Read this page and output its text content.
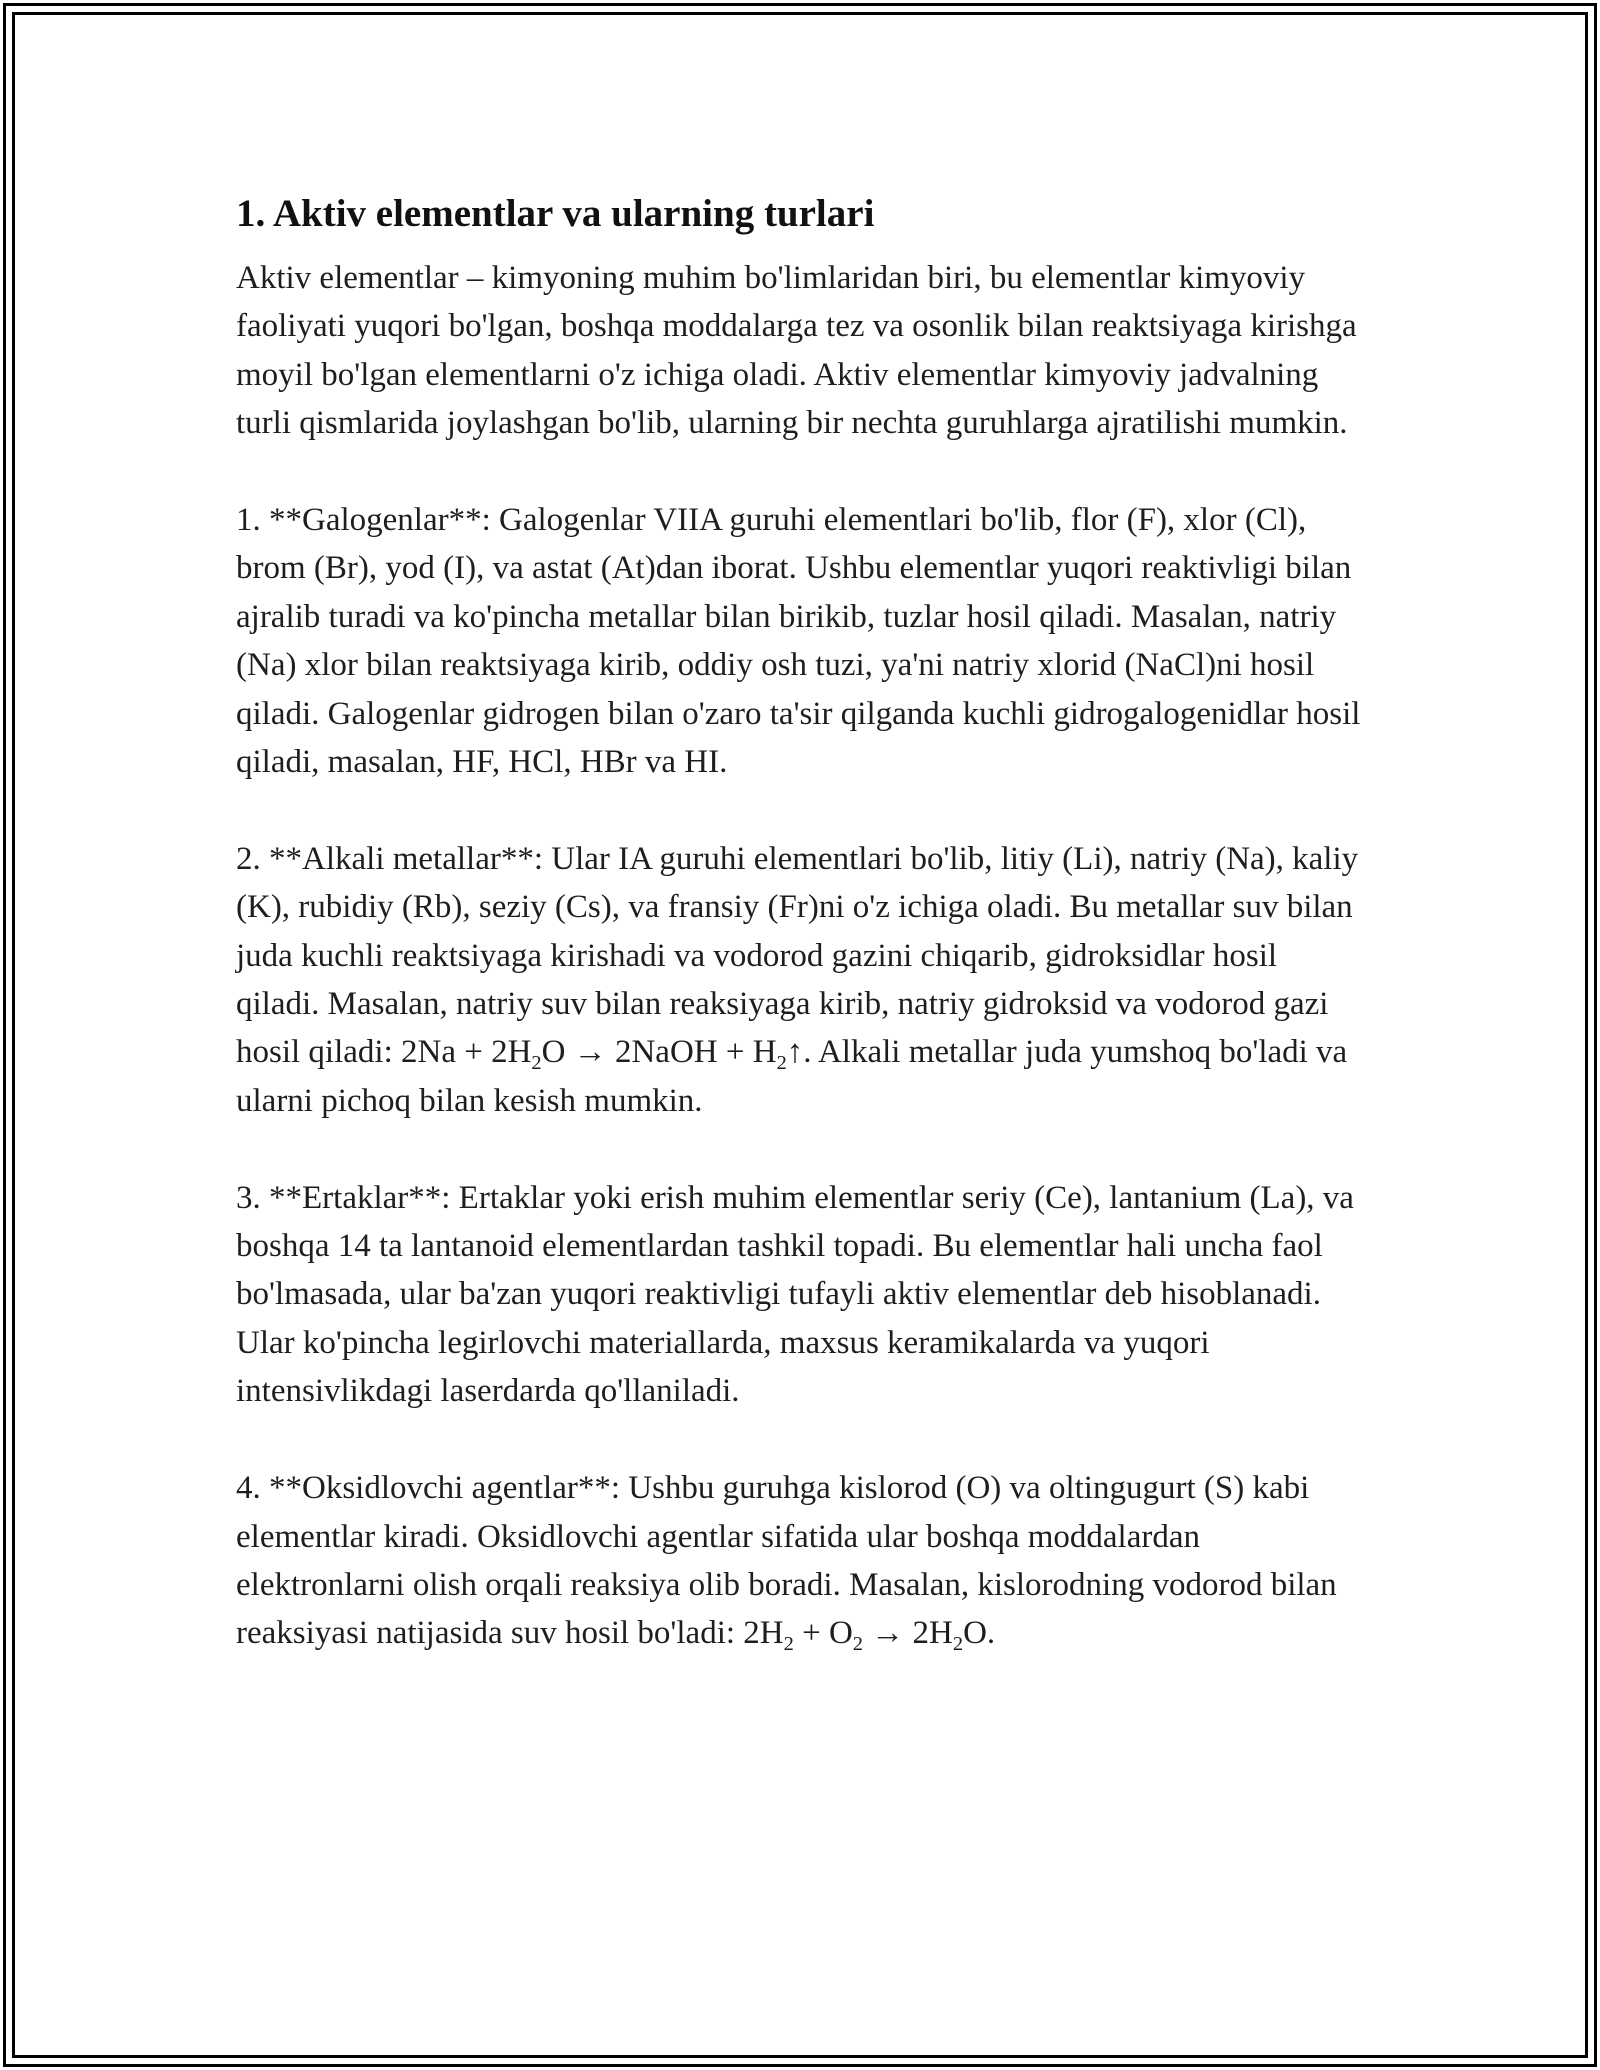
1. Aktiv elementlar va ularning turlari

Aktiv elementlar – kimyoning muhim bo'limlaridan biri, bu elementlar kimyoviy faoliyati yuqori bo'lgan, boshqa moddalarga tez va osonlik bilan reaktsiyaga kirishga moyil bo'lgan elementlarni o'z ichiga oladi. Aktiv elementlar kimyoviy jadvalning turli qismlarida joylashgan bo'lib, ularning bir nechta guruhlarga ajratilishi mumkin.

1. **Galogenlar**: Galogenlar VIIA guruhi elementlari bo'lib, flor (F), xlor (Cl), brom (Br), yod (I), va astat (At)dan iborat. Ushbu elementlar yuqori reaktivligi bilan ajralib turadi va ko'pincha metallar bilan birikib, tuzlar hosil qiladi. Masalan, natriy (Na) xlor bilan reaktsiyaga kirib, oddiy osh tuzi, ya'ni natriy xlorid (NaCl)ni hosil qiladi. Galogenlar gidrogen bilan o'zaro ta'sir qilganda kuchli gidrogalogenidlar hosil qiladi, masalan, HF, HCl, HBr va HI.

2. **Alkali metallar**: Ular IA guruhi elementlari bo'lib, litiy (Li), natriy (Na), kaliy (K), rubidiy (Rb), seziy (Cs), va fransiy (Fr)ni o'z ichiga oladi. Bu metallar suv bilan juda kuchli reaktsiyaga kirishadi va vodorod gazini chiqarib, gidroksidlar hosil qiladi. Masalan, natriy suv bilan reaksiyaga kirib, natriy gidroksid va vodorod gazi hosil qiladi: $2Na + 2H_2O$ → 2NaOH + $H_2↑$. Alkali metallar juda yumshoq bo'ladi va ularni pichoq bilan kesish mumkin.

3. **Ertaklar**: Ertaklar yoki erish muhim elementlar seriy (Ce), lantanium (La), va boshqa 14 ta lantanoid elementlardan tashkil topadi. Bu elementlar hali uncha faol bo'lmasada, ular ba'zan yuqori reaktivligi tufayli aktiv elementlar deb hisoblanadi. Ular ko'pincha legirlovchi materiallarda, maxsus keramikalarda va yuqori intensivlikdagi laserdarda qo'llaniladi.

4. **Oksidlovchi agentlar**: Ushbu guruhga kislorod (O) va oltingugurt (S) kabi elementlar kiradi. Oksidlovchi agentlar sifatida ular boshqa moddalardan elektronlarni olish orqali reaksiya olib boradi. Masalan, kislorodning vodorod bilan reaksiyasi natijasida suv hosil bo'ladi: $2H_2 + O_2 \to 2H_2O$.
